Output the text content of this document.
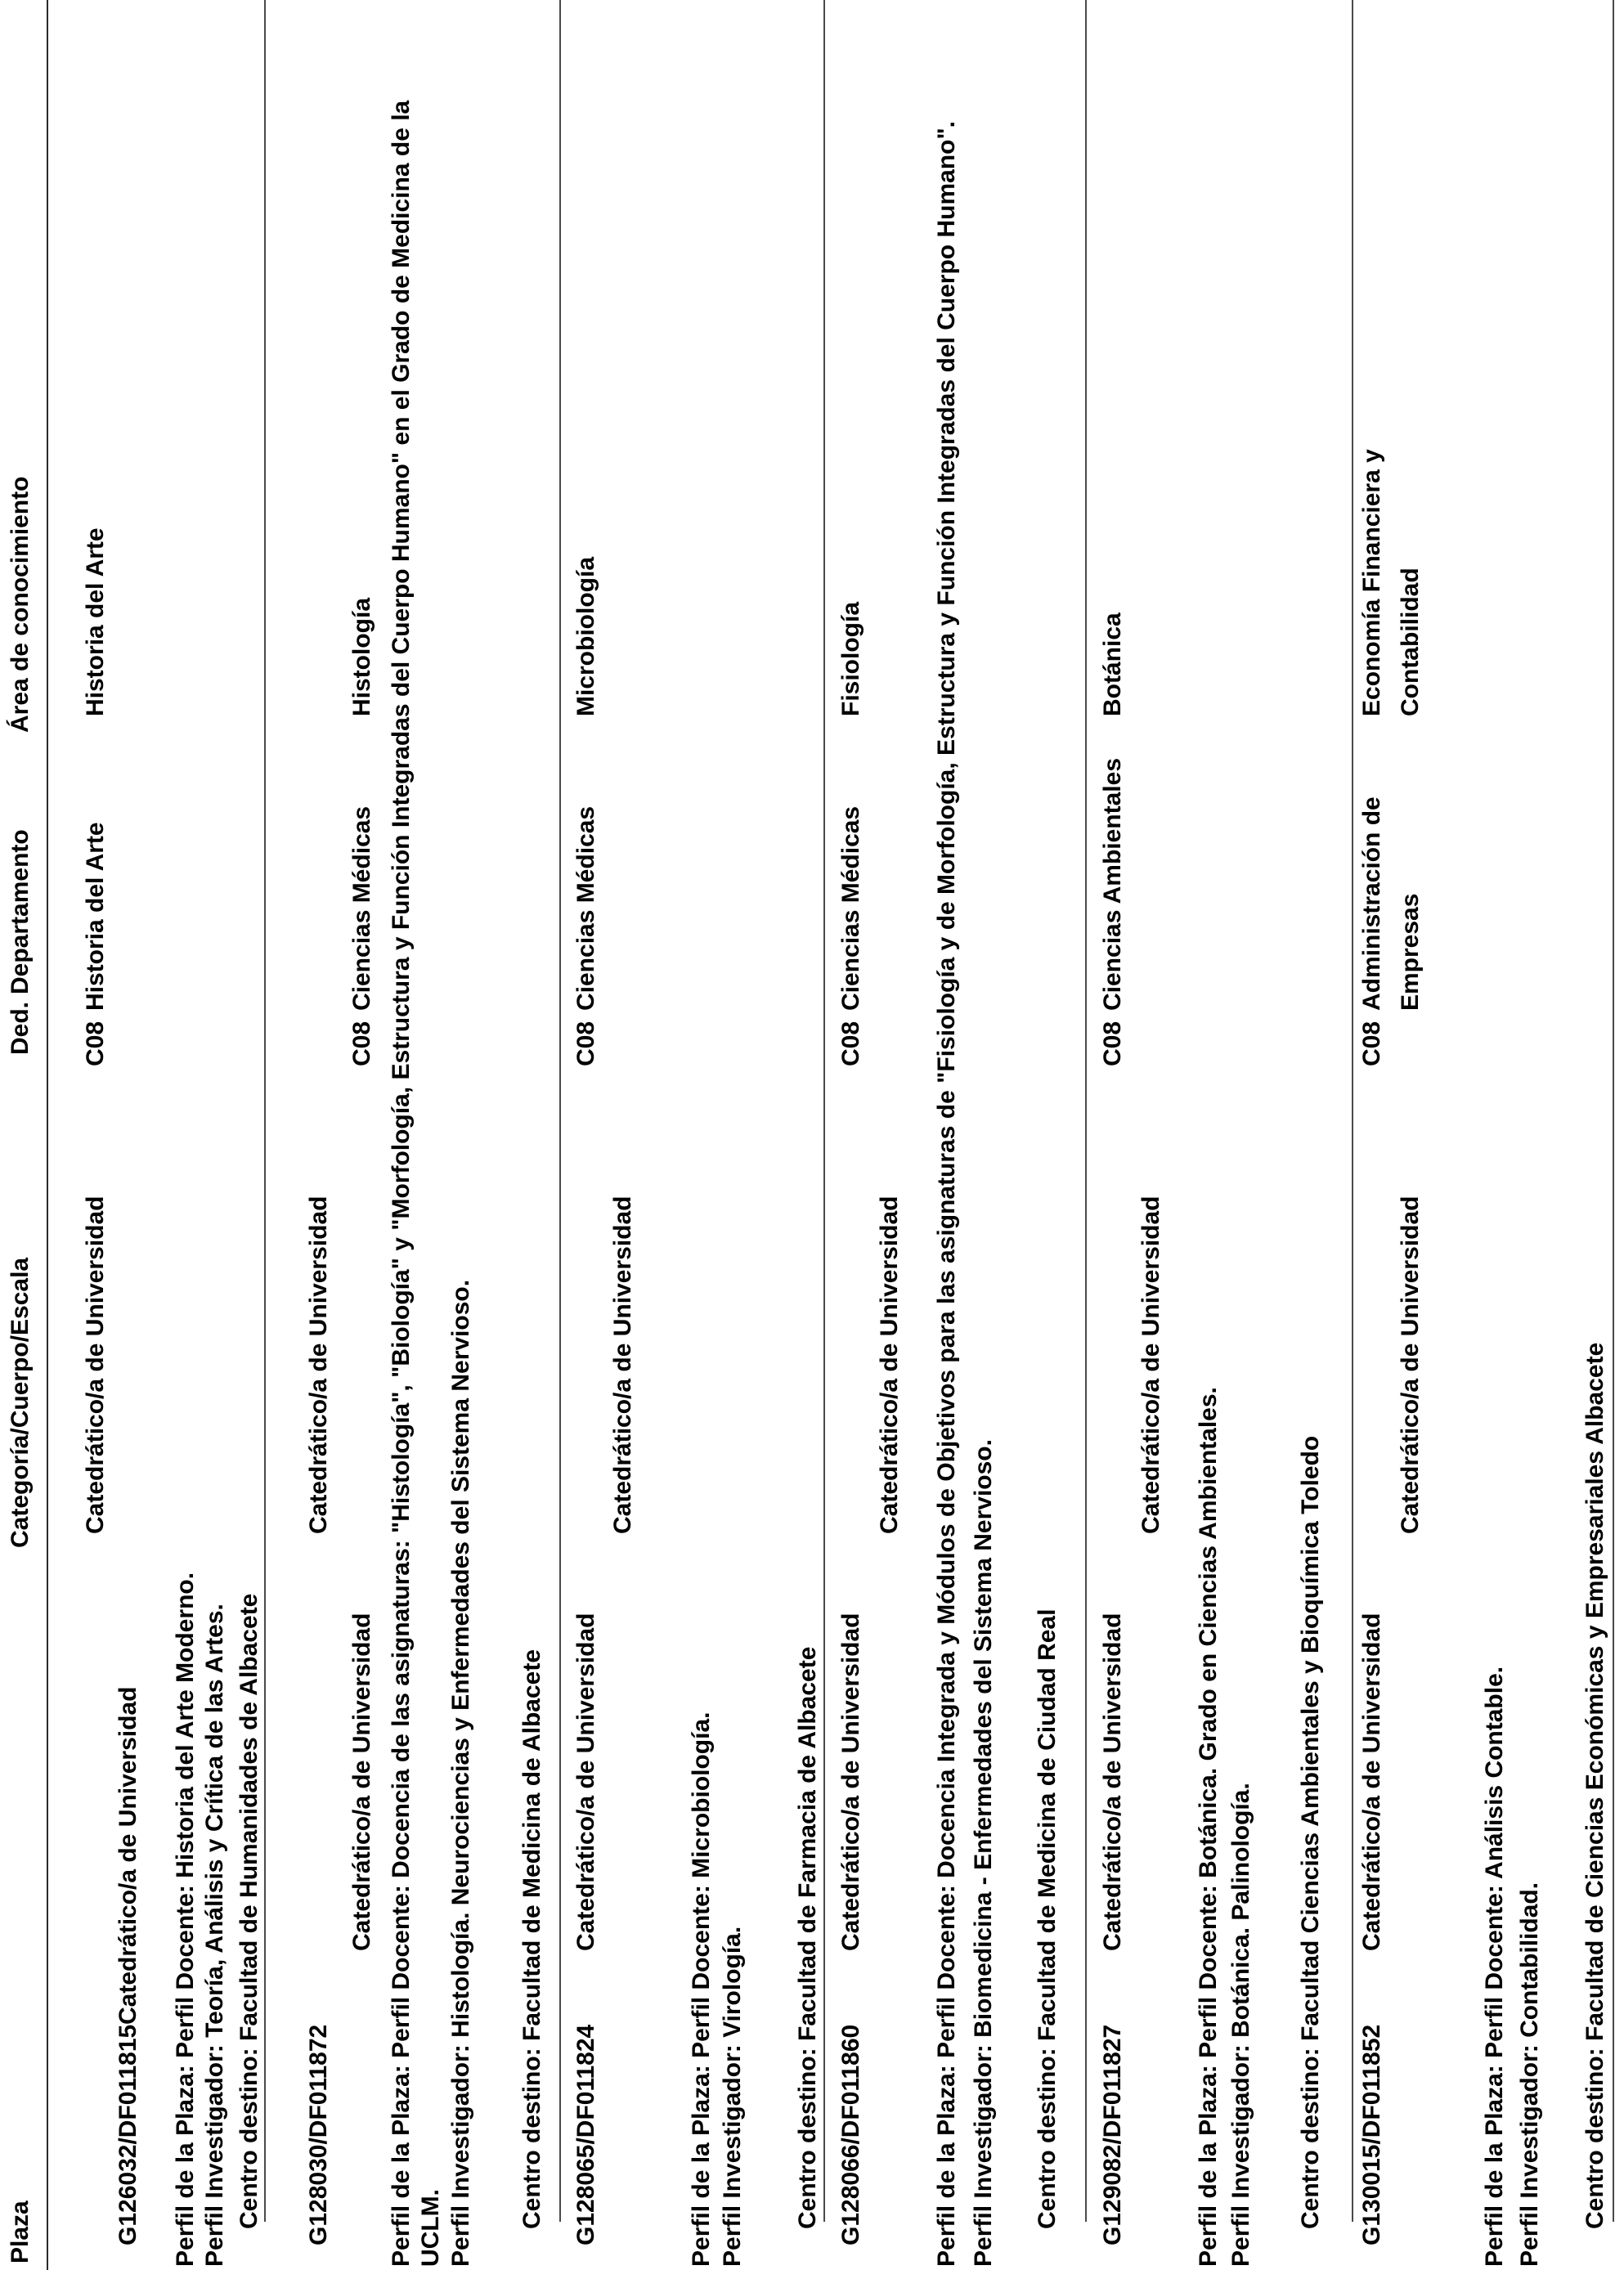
Plaza
Categoría/Cuerpo/Escala
Ded.
Departamento
Área de conocimiento
G126032/DF011815
Catedrático/a de Universidad
Catedrático/a de Universidad
C08
Historia del Arte
Historia del Arte
Perfil de la Plaza: Perfil Docente: Historia del Arte Moderno. Perfil Investigador: Teoría, Análisis y Crítica de las Artes. Centro destino: Facultad de Humanidades de Albacete G128030/DF011872
Catedrático/a de Universidad
Catedrático/a de Universidad
C08
Ciencias Médicas
Histología Perfil de la Plaza: Perfil Docente: Docencia de las asignaturas: "Histología", "Biología" y "Morfología, Estructura y Función Integradas del Cuerpo Humano" en el Grado de Medicina de la UCLM. Perfil Investigador: Histología. Neurociencias y Enfermedades del Sistema Nervioso. Centro destino: Facultad de Medicina de Albacete G128065/DF011824
Catedrático/a de Universidad
Catedrático/a de Universidad
C08
Ciencias Médicas
Microbiología
Perfil de la Plaza: Perfil Docente: Microbiología. Perfil Investigador: Virología. Centro destino: Facultad de Farmacia de Albacete G128066/DF011860
Catedrático/a de Universidad
Catedrático/a de Universidad
C08
Ciencias Médicas
Fisiología	Perfil de la Plaza: Perfil Docente: Docencia Integrada y Módulos de Objetivos para las asignaturas de "Fisiología y de Morfología, Estructura y Función Integradas del Cuerpo Humano". Perfil Investigador: Biomedicina - Enfermedades del Sistema Nervioso. Centro destino: Facultad de Medicina de Ciudad Real G129082/DF011827
Catedrático/a de Universidad
Catedrático/a de Universidad
C08
Ciencias Ambientales
Botánica
Perfil de la Plaza: Perfil Docente: Botánica. Grado en Ciencias Ambientales. Perfil Investigador: Botánica. Palinología. Centro destino: Facultad Ciencias Ambientales y Bioquímica Toledo G130015/DF011852
Catedrático/a de Universidad
Catedrático/a de Universidad
C08
Administración de Empresas
Economía Financiera y Contabilidad
Perfil de la Plaza: Perfil Docente: Análisis Contable. Perfil Investigador: Contabilidad. Centro destino: Facultad de Ciencias Económicas y Empresariales Albacete
